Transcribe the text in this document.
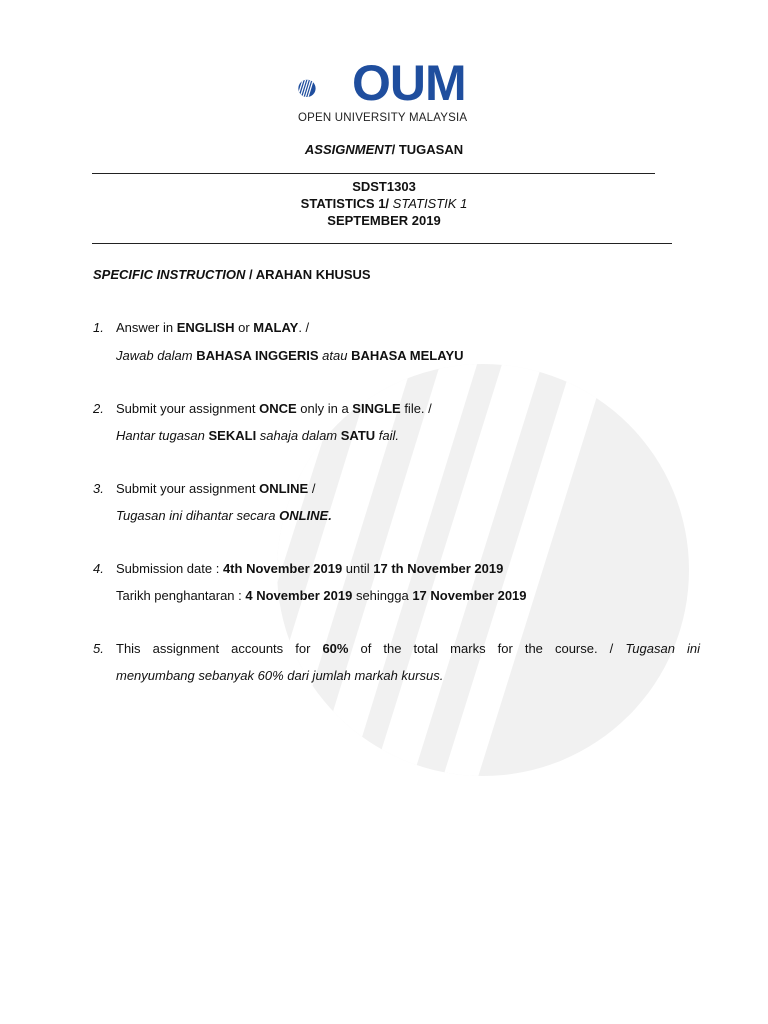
OUM
OPEN UNIVERSITY MALAYSIA
ASSIGNMENT/ TUGASAN
SDST1303
STATISTICS 1/ STATISTIK 1
SEPTEMBER 2019
SPECIFIC INSTRUCTION / ARAHAN KHUSUS
1. Answer in ENGLISH or MALAY. /
Jawab dalam BAHASA INGGERIS atau BAHASA MELAYU
2. Submit your assignment ONCE only in a SINGLE file. /
Hantar tugasan SEKALI sahaja dalam SATU fail.
3. Submit your assignment ONLINE /
Tugasan ini dihantar secara ONLINE.
4. Submission date : 4th November 2019 until 17 th November 2019
Tarikh penghantaran : 4 November 2019 sehingga 17 November 2019
5. This  assignment  accounts  for  60%  of  the  total  marks  for  the  course.  /  Tugasan  ini
menyumbang sebanyak 60% dari jumlah markah kursus.
